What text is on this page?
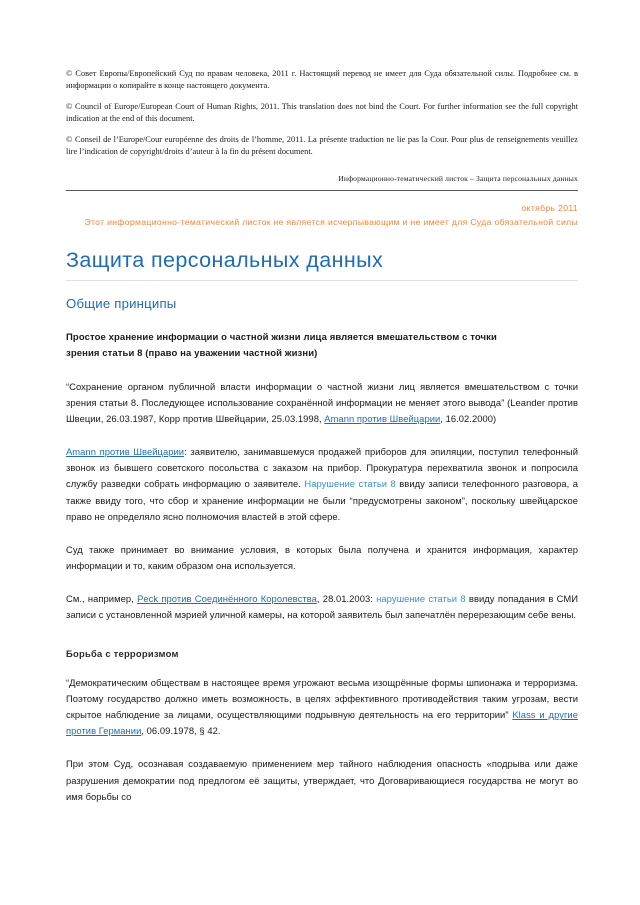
© Совет Европы/Европейский Суд по правам человека, 2011 г. Настоящий перевод не имеет для Суда обязательной силы. Подробнее см. в информации о копирайте в конце настоящего документа.

© Council of Europe/European Court of Human Rights, 2011. This translation does not bind the Court. For further information see the full copyright indication at the end of this document.

© Conseil de l’Europe/Cour européenne des droits de l’homme, 2011. La présente traduction ne lie pas la Cour. Pour plus de renseignements veuillez lire l’indication de copyright/droits d’auteur à la fin du présent document.

Информационно-тематический листок – Защита персональных данных
октябрь 2011
Этот информационно-тематический листок не является исчерпывающим и не имеет для Суда обязательной силы
Защита персональных данных
Общие принципы

Простое хранение информации о частной жизни лица является вмешательством с точки зрения статьи 8 (право на уважении частной жизни)

“Сохранение органом публичной власти информации о частной жизни лиц является вмешательством с точки зрения статьи 8. Последующее использование сохранённой информации не меняет этого вывода” (Leander против Швеции, 26.03.1987, Корр против Швейцарии, 25.03.1998, Amann против Швейцарии, 16.02.2000)

Amann против Швейцарии: заявителю, занимавшемуся продажей приборов для эпиляции, поступил телефонный звонок из бывшего советского посольства с заказом на прибор. Прокуратура перехватила звонок и попросила службу разведки собрать информацию о заявителе. Нарушение статьи 8 ввиду записи телефонного разговора, а также ввиду того, что сбор и хранение информации не были “предусмотрены законом”, поскольку швейцарское право не определяло ясно полномочия властей в этой сфере.

Суд также принимает во внимание условия, в которых была получена и хранится информация, характер информации и то, каким образом она используется.

См., например, Peck против Соединённого Королевства, 28.01.2003: нарушение статьи 8 ввиду попадания в СМИ записи с установленной мэрией уличной камеры, на которой заявитель был запечатлён перерезающим себе вены.

Борьба с терроризмом

“Демократическим обществам в настоящее время угрожают весьма изощрённые формы шпионажа и терроризма. Поэтому государство должно иметь возможность, в целях эффективного противодействия таким угрозам, вести скрытое наблюдение за лицами, осуществляющими подрывную деятельность на его территории” Klass и другие против Германии, 06.09.1978, § 42.

При этом Суд, осознавая создаваемую применением мер тайного наблюдения опасность «подрыва или даже разрушения демократии под предлогом её защиты, утверждает, что Договаривающиеся государства не могут во имя борьбы со
